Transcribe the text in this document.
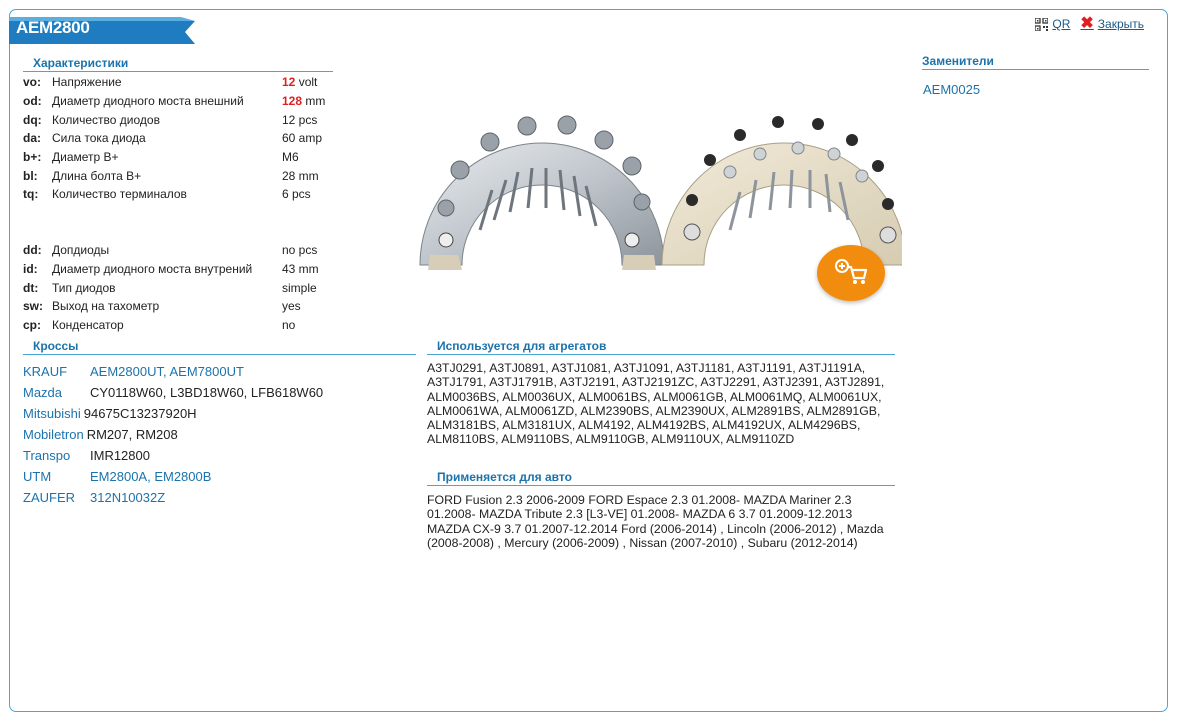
AEM2800	QR ✖ Закрыть
Характеристики
vo:	Напряжение	12 volt
od:	Диаметр диодного моста внешний	128 mm
dq:	Количество диодов	12 pcs
da:	Сила тока диода	60 amp
b+:	Диаметр B+	M6
bl:	Длина болта B+	28 mm
tq:	Количество терминалов	6 pcs
dd:	Допдиоды	no pcs
id:	Диаметр диодного моста внутрений	43 mm
dt:	Тип диодов	simple
sw:	Выход на тахометр	yes
cp:	Конденсатор	no
Кроссы
KRAUF	AEM2800UT, AEM7800UT
Mazda	CY0118W60, L3BD18W60, LFB618W60
Mitsubishi 94675C13237920H
Mobiletron RM207, RM208
Transpo	IMR12800
UTM	EM2800A, EM2800B
ZAUFER	312N10032Z
Используется для агрегатов
A3TJ0291, A3TJ0891, A3TJ1081, A3TJ1091, A3TJ1181, A3TJ1191, A3TJ1191A, A3TJ1791, A3TJ1791B, A3TJ2191, A3TJ2191ZC, A3TJ2291, A3TJ2391, A3TJ2891, ALM0036BS, ALM0036UX, ALM0061BS, ALM0061GB, ALM0061MQ, ALM0061UX, ALM0061WA, ALM0061ZD, ALM2390BS, ALM2390UX, ALM2891BS, ALM2891GB, ALM3181BS, ALM3181UX, ALM4192, ALM4192BS, ALM4192UX, ALM4296BS, ALM8110BS, ALM9110BS, ALM9110GB, ALM9110UX, ALM9110ZD
Применяется для авто
FORD Fusion 2.3 2006-2009 FORD Espace 2.3 01.2008- MAZDA Mariner 2.3 01.2008- MAZDA Tribute 2.3 [L3-VE] 01.2008- MAZDA 6 3.7 01.2009-12.2013 MAZDA CX-9 3.7 01.2007-12.2014 Ford (2006-2014) , Lincoln (2006-2012) , Mazda (2008-2008) , Mercury (2006-2009) , Nissan (2007-2010) , Subaru (2012-2014)
Заменители
AEM0025
